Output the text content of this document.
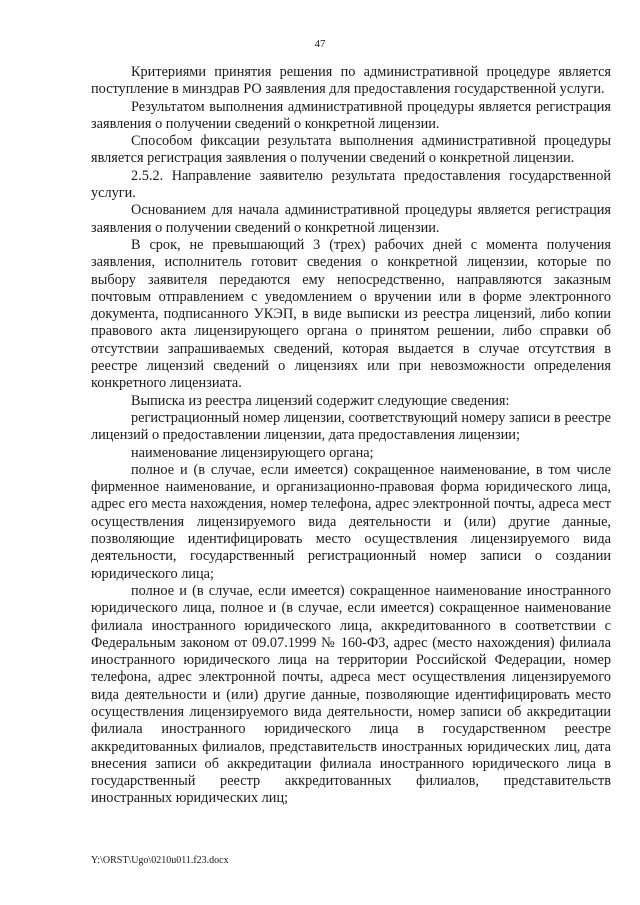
47

Критериями принятия решения по административной процедуре является поступление в минздрав РО заявления для предоставления государственной услуги.

Результатом выполнения административной процедуры является регистрация заявления о получении сведений о конкретной лицензии.

Способом фиксации результата выполнения административной процедуры является регистрация заявления о получении сведений о конкретной лицензии.

2.5.2. Направление заявителю результата предоставления государственной услуги.

Основанием для начала административной процедуры является регистрация заявления о получении сведений о конкретной лицензии.

В срок, не превышающий 3 (трех) рабочих дней с момента получения заявления, исполнитель готовит сведения о конкретной лицензии, которые по выбору заявителя передаются ему непосредственно, направляются заказным почтовым отправлением с уведомлением о вручении или в форме электронного документа, подписанного УКЭП, в виде выписки из реестра лицензий, либо копии правового акта лицензирующего органа о принятом решении, либо справки об отсутствии запрашиваемых сведений, которая выдается в случае отсутствия в реестре лицензий сведений о лицензиях или при невозможности определения конкретного лицензиата.

Выписка из реестра лицензий содержит следующие сведения:

регистрационный номер лицензии, соответствующий номеру записи в реестре лицензий о предоставлении лицензии, дата предоставления лицензии;

наименование лицензирующего органа;

полное и (в случае, если имеется) сокращенное наименование, в том числе фирменное наименование, и организационно-правовая форма юридического лица, адрес его места нахождения, номер телефона, адрес электронной почты, адреса мест осуществления лицензируемого вида деятельности и (или) другие данные, позволяющие идентифицировать место осуществления лицензируемого вида деятельности, государственный регистрационный номер записи о создании юридического лица;

полное и (в случае, если имеется) сокращенное наименование иностранного юридического лица, полное и (в случае, если имеется) сокращенное наименование филиала иностранного юридического лица, аккредитованного в соответствии с Федеральным законом от 09.07.1999 № 160-ФЗ, адрес (место нахождения) филиала иностранного юридического лица на территории Российской Федерации, номер телефона, адрес электронной почты, адреса мест осуществления лицензируемого вида деятельности и (или) другие данные, позволяющие идентифицировать место осуществления лицензируемого вида деятельности, номер записи об аккредитации филиала иностранного юридического лица в государственном реестре аккредитованных филиалов, представительств иностранных юридических лиц, дата внесения записи об аккредитации филиала иностранного юридического лица в государственный реестр аккредитованных филиалов, представительств иностранных юридических лиц;

Y:\ORST\Ugo\0210u011.f23.docx
